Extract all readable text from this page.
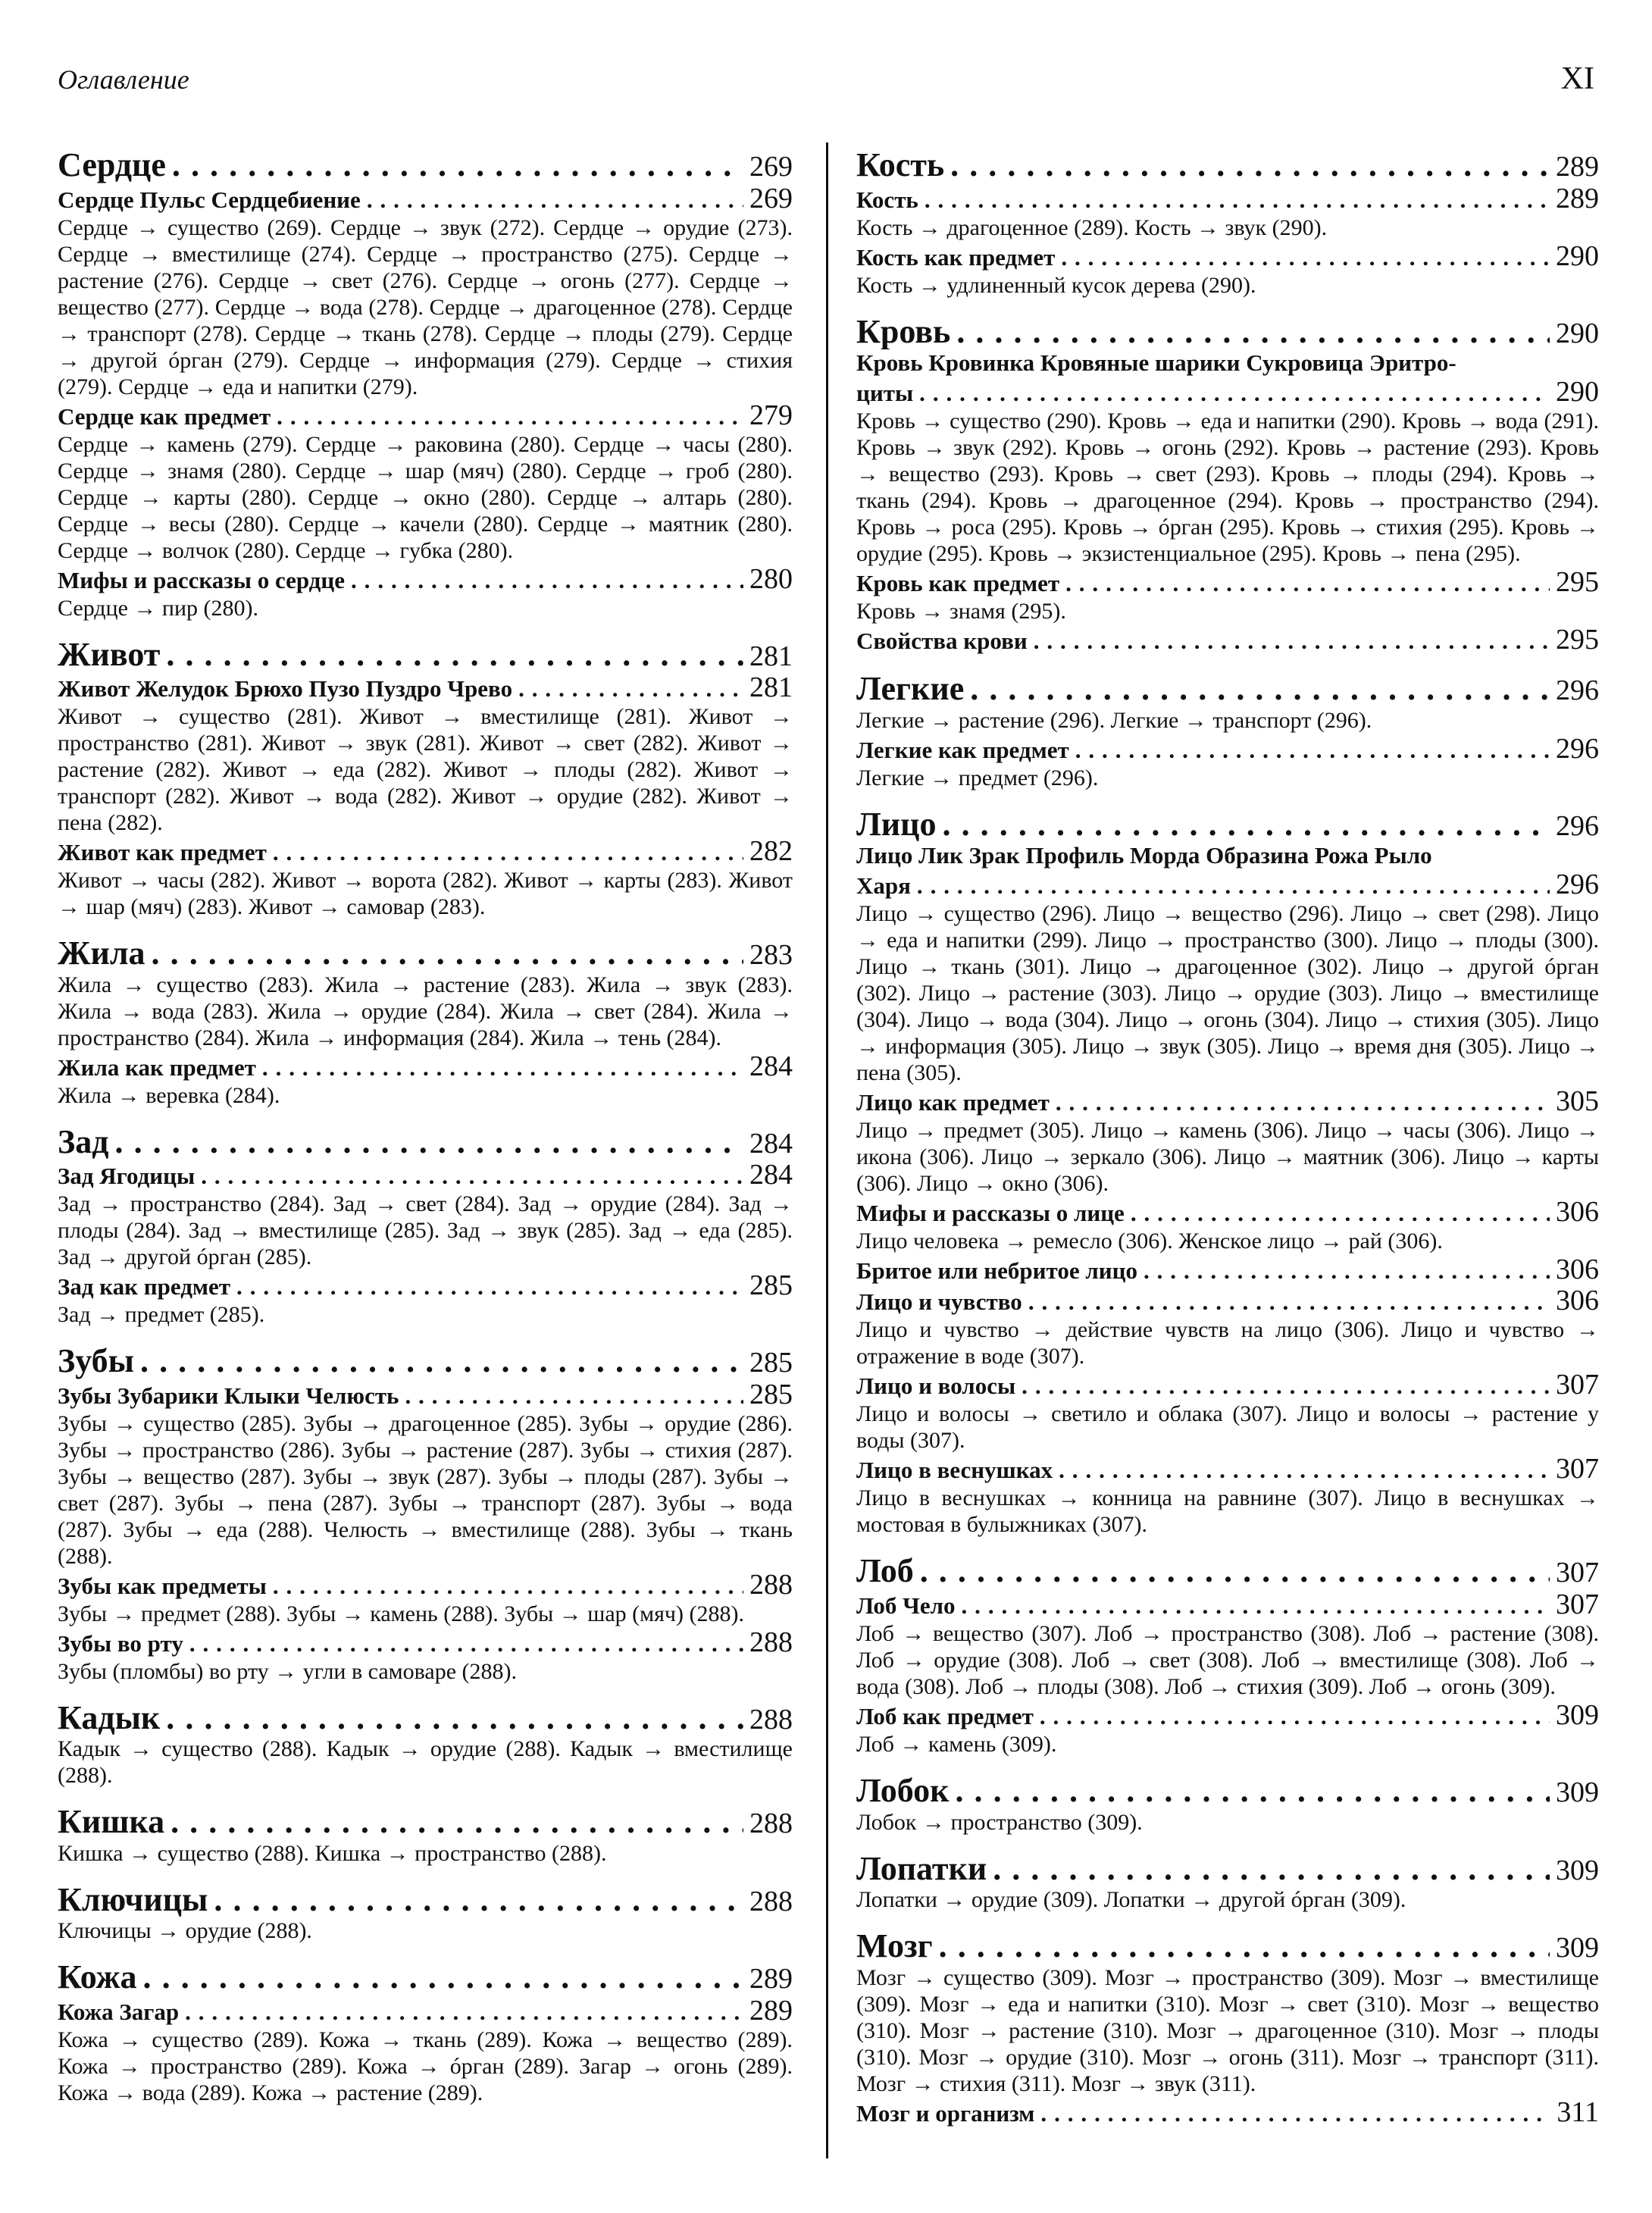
Оглавление	XI
Сердце .....	269
Сердце Пульс Сердцебиение .....	269

Сердце → существо (269). Сердце → звук (272). Сердце → орудие (273). Сердце → вместилище (274). Сердце → пространство (275). Сердце → растение (276). Сердце → свет (276). Сердце → огонь (277). Сердце → вещество (277). Сердце → вода (278). Сердце → драгоценное (278). Сердце → транспорт (278). Сердце → ткань (278). Сердце → плоды (279). Сердце → другой óрган (279). Сердце → информация (279). Сердце → стихия (279). Сердце → еда и напитки (279).

Сердце как предмет .....	279

Сердце → камень (279). Сердце → раковина (280). Сердце → часы (280). Сердце → знамя (280). Сердце → шар (мяч) (280). Сердце → гроб (280). Сердце → карты (280). Сердце → окно (280). Сердце → алтарь (280). Сердце → весы (280). Сердце → качели (280). Сердце → маятник (280). Сердце → волчок (280). Сердце → губка (280).

Мифы и рассказы о сердце .....	280

Сердце → пир (280).

Живот .....	281
Живот Желудок Брюхо Пузо Пуздро Чрево .....	281

Живот → существо (281). Живот → вместилище (281). Живот → пространство (281). Живот → звук (281). Живот → свет (282). Живот → растение (282). Живот → еда (282). Живот → плоды (282). Живот → транспорт (282). Живот → вода (282). Живот → орудие (282). Живот → пена (282).

Живот как предмет .....	282

Живот → часы (282). Живот → ворота (282). Живот → карты (283). Живот → шар (мяч) (283). Живот → самовар (283).

Жила .....	283

Жила → существо (283). Жила → растение (283). Жила → звук (283). Жила → вода (283). Жила → орудие (284). Жила → свет (284). Жила → пространство (284). Жила → информация (284). Жила → тень (284).

Жила как предмет .....	284

Жила → веревка (284).

Зад .....	284
Зад Ягодицы .....	284

Зад → пространство (284). Зад → свет (284). Зад → орудие (284). Зад → плоды (284). Зад → вместилище (285). Зад → звук (285). Зад → еда (285). Зад → другой óрган (285).

Зад как предмет .....	285

Зад → предмет (285).

Зубы .....	285
Зубы Зубарики Клыки Челюсть .....	285

Зубы → существо (285). Зубы → драгоценное (285). Зубы → орудие (286). Зубы → пространство (286). Зубы → растение (287). Зубы → стихия (287). Зубы → вещество (287). Зубы → звук (287). Зубы → плоды (287). Зубы → свет (287). Зубы → пена (287). Зубы → транспорт (287). Зубы → вода (287). Зубы → еда (288). Челюсть → вместилище (288). Зубы → ткань (288).

Зубы как предметы .....	288

Зубы → предмет (288). Зубы → камень (288). Зубы → шар (мяч) (288).

Зубы во рту .....	288

Зубы (пломбы) во рту → угли в самоваре (288).

Кадык .....	288

Кадык → существо (288). Кадык → орудие (288). Кадык → вместилище (288).

Кишка .....	288

Кишка → существо (288). Кишка → пространство (288).

Ключицы .....	288

Ключицы → орудие (288).

Кожа .....	289
Кожа Загар .....	289

Кожа → существо (289). Кожа → ткань (289). Кожа → вещество (289). Кожа → пространство (289). Кожа → óрган (289). Загар → огонь (289). Кожа → вода (289). Кожа → растение (289).

Кость .....	289
Кость .....	289

Кость → драгоценное (289). Кость → звук (290).

Кость как предмет .....	290

Кость → удлиненный кусок дерева (290).

Кровь .....	290
Кровь Кровинка Кровяные шарики Сукровица Эритро-
циты .....	290

Кровь → существо (290). Кровь → еда и напитки (290). Кровь → вода (291). Кровь → звук (292). Кровь → огонь (292). Кровь → растение (293). Кровь → вещество (293). Кровь → свет (293). Кровь → плоды (294). Кровь → ткань (294). Кровь → драгоценное (294). Кровь → пространство (294). Кровь → роса (295). Кровь → óрган (295). Кровь → стихия (295). Кровь → орудие (295). Кровь → экзистенциальное (295). Кровь → пена (295).

Кровь как предмет .....	295

Кровь → знамя (295).

Свойства крови .....	295
Легкие .....	296

Легкие → растение (296). Легкие → транспорт (296).

Легкие как предмет .....	296

Легкие → предмет (296).

Лицо .....	296
Лицо Лик Зрак Профиль Морда Образина Рожа Рыло
Харя .....	296

Лицо → существо (296). Лицо → вещество (296). Лицо → свет (298). Лицо → еда и напитки (299). Лицо → пространство (300). Лицо → плоды (300). Лицо → ткань (301). Лицо → драгоценное (302). Лицо → другой óрган (302). Лицо → растение (303). Лицо → орудие (303). Лицо → вместилище (304). Лицо → вода (304). Лицо → огонь (304). Лицо → стихия (305). Лицо → информация (305). Лицо → звук (305). Лицо → время дня (305). Лицо → пена (305).

Лицо как предмет .....	305

Лицо → предмет (305). Лицо → камень (306). Лицо → часы (306). Лицо → икона (306). Лицо → зеркало (306). Лицо → маятник (306). Лицо → карты (306). Лицо → окно (306).

Мифы и рассказы о лице .....	306

Лицо человека → ремесло (306). Женское лицо → рай (306).

Бритое или небритое лицо .....	306
Лицо и чувство .....	306

Лицо и чувство → действие чувств на лицо (306). Лицо и чувство → отражение в воде (307).

Лицо и волосы .....	307

Лицо и волосы → светило и облака (307). Лицо и волосы → растение у воды (307).

Лицо в веснушках .....	307

Лицо в веснушках → конница на равнине (307). Лицо в веснушках → мостовая в булыжниках (307).

Лоб .....	307
Лоб Чело .....	307

Лоб → вещество (307). Лоб → пространство (308). Лоб → растение (308). Лоб → орудие (308). Лоб → свет (308). Лоб → вместилище (308). Лоб → вода (308). Лоб → плоды (308). Лоб → стихия (309). Лоб → огонь (309).

Лоб как предмет .....	309

Лоб → камень (309).

Лобок .....	309

Лобок → пространство (309).

Лопатки .....	309

Лопатки → орудие (309). Лопатки → другой óрган (309).

Мозг .....	309

Мозг → существо (309). Мозг → пространство (309). Мозг → вместилище (309). Мозг → еда и напитки (310). Мозг → свет (310). Мозг → вещество (310). Мозг → растение (310). Мозг → драгоценное (310). Мозг → плоды (310). Мозг → орудие (310). Мозг → огонь (311). Мозг → транспорт (311). Мозг → стихия (311). Мозг → звук (311).

Мозг и организм .....	311
